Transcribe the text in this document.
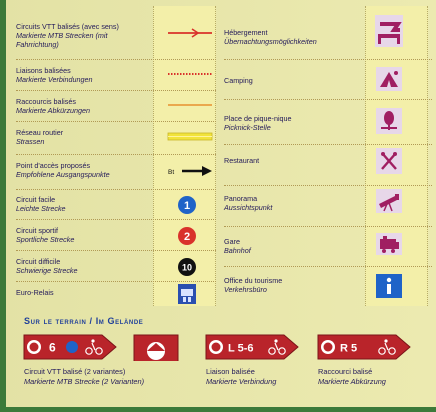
Circuits VTT balisés (avec sens)
Markierte MTB Strecken (mit Fahrrichtung)
Liaisons balisées
Markierte Verbindungen
Raccourcis balisés
Markierte Abkürzungen
Réseau routier
Strassen
Point d'accès proposés
Empfohlene Ausgangspunkte	Bt
Circuit facile
Leichte Strecke	1
Circuit sportif
Sportliche Strecke	2
Circuit difficile
Schwierige Strecke	10
Euro-Relais
Hébergement
Übernachtungsmöglichkeiten
Camping
Place de pique-nique
Picknick-Stelle
Restaurant
Panorama
Aussichtspunkt
Gare
Bahnhof
Office du tourisme
Verkehrsbüro
Sur le terrain / Im Gelände
6	L 5-6	R 5
Circuit VTT balisé (2 variantes)
Markierte MTB Strecke (2 Varianten)
Liaison balisée
Markierte Verbindung
Raccourci balisé
Markierte Abkürzung
